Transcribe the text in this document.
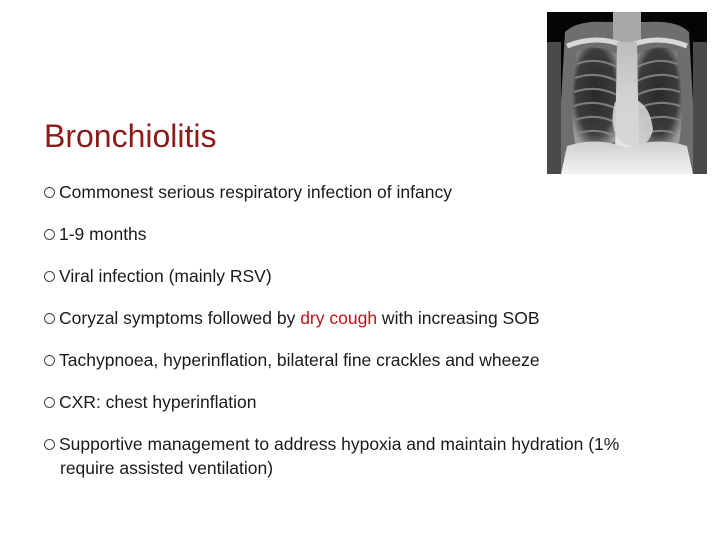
Bronchiolitis
Commonest serious respiratory infection of infancy
1-9 months
Viral infection (mainly RSV)
Coryzal symptoms followed by dry cough with increasing SOB
Tachypnoea, hyperinflation, bilateral fine crackles and wheeze
CXR: chest hyperinflation
Supportive management to address hypoxia and maintain hydration (1%
require assisted ventilation)
